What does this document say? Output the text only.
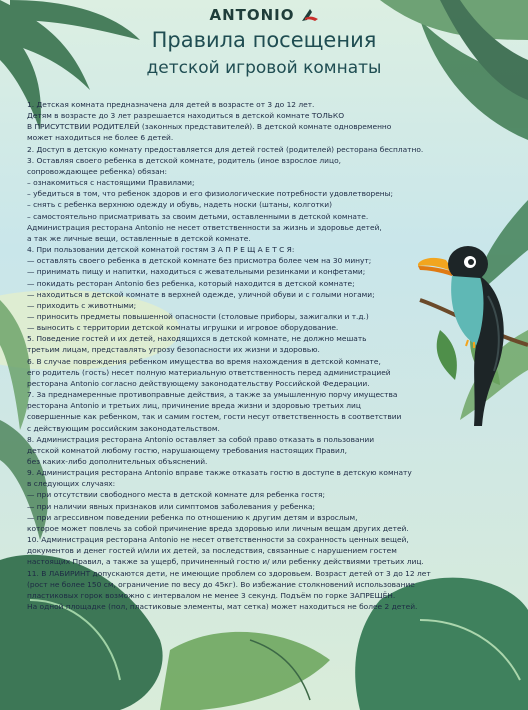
ANTONIO
Правила посещения
детской игровой комнаты

1. Детская комната предназначена для детей в возрасте от 3 до 12 лет.

Детям в возрасте до 3 лет разрешается находиться в детской комнате ТОЛЬКО

В ПРИСУТСТВИИ РОДИТЕЛЕЙ (законных представителей). В детской комнате одновременно

может находиться не более 6 детей.

2. Доступ в детскую комнату предоставляется для детей гостей (родителей) ресторана бесплатно.

3. Оставляя своего ребенка в детской комнате, родитель (иное взрослое лицо,

сопровождающее ребенка) обязан:

– ознакомиться с настоящими Правилами;

– убедиться в том, что ребенок здоров и его физиологические потребности удовлетворены;

– снять с ребенка верхнюю одежду и обувь, надеть носки (штаны, колготки)

– самостоятельно присматривать за своим детьми, оставленными в детской комнате.

Администрация ресторана Antonio не несет ответственности за жизнь и здоровье детей,

а так же личные вещи, оставленные в детской комнате.

4. При пользовании детской комнатой гостям З А П Р Е Щ А Е Т С Я:

— оставлять своего ребенка в детской комнате без присмотра более чем на 30 минут;

— принимать пищу и напитки, находиться с жевательными резинками и конфетами;

— покидать ресторан Antonio без ребенка, который находится в детской комнате;

— находиться в детской комнате в верхней одежде, уличной обуви и с голыми ногами;

— приходить с животными;

— приносить предметы повышенной опасности (столовые приборы, зажигалки и т.д.)

— выносить с территории детской комнаты игрушки и игровое оборудование.

5. Поведение гостей и их детей, находящихся в детской комнате, не должно мешать

третьим лицам, представлять угрозу безопасности их жизни и здоровью.

6. В случае повреждения ребенком имущества во время нахождения в детской комнате,

его родитель (гость) несет полную материальную ответственность перед администрацией

ресторана Antonio согласно действующему законодательству Российской Федерации.

7. За преднамеренные противоправные действия, а также за умышленную порчу имущества

ресторана Antonio и третьих лиц, причинение вреда жизни и здоровью третьих лиц

совершенные как ребенком, так и самим гостем, гости несут ответственность в соответствии

с действующим российским законодательством.

8. Администрация ресторана Antonio оставляет за собой право отказать в пользовании

детской комнатой любому гостю, нарушающему требования настоящих Правил,

без каких-либо дополнительных объяснений.

9. Администрация ресторана Antonio вправе также отказать гостю в доступе в детскую комнату

в следующих случаях:

— при отсутствии свободного места в детской комнате для ребенка гостя;

— при наличии явных признаков или симптомов заболевания у ребенка;

— при агрессивном поведении ребенка по отношению к другим детям и взрослым,

которое может повлечь за собой причинение вреда здоровью или личным вещам других детей.

10. Администрация ресторана Antonio не несет ответственности за сохранность ценных вещей,

документов и денег гостей и/или их детей, за последствия, связанные с нарушением гостем

настоящих Правил, а также за ущерб, причиненный гостю и/ или ребенку действиями третьих лиц.

11. В ЛАБИРИНТ допускаются дети, не имеющие проблем со здоровьем. Возраст детей от 3 до 12 лет

(рост не более 150 см, ограничение по весу до 45кг). Во избежание столкновений использование

пластиковых горок возможно с интервалом не менее 3 секунд. Подъём по горке ЗАПРЕЩЁН.

На одной площадке (пол, пластиковые элементы, мат сетка) может находиться не более 2 детей.
